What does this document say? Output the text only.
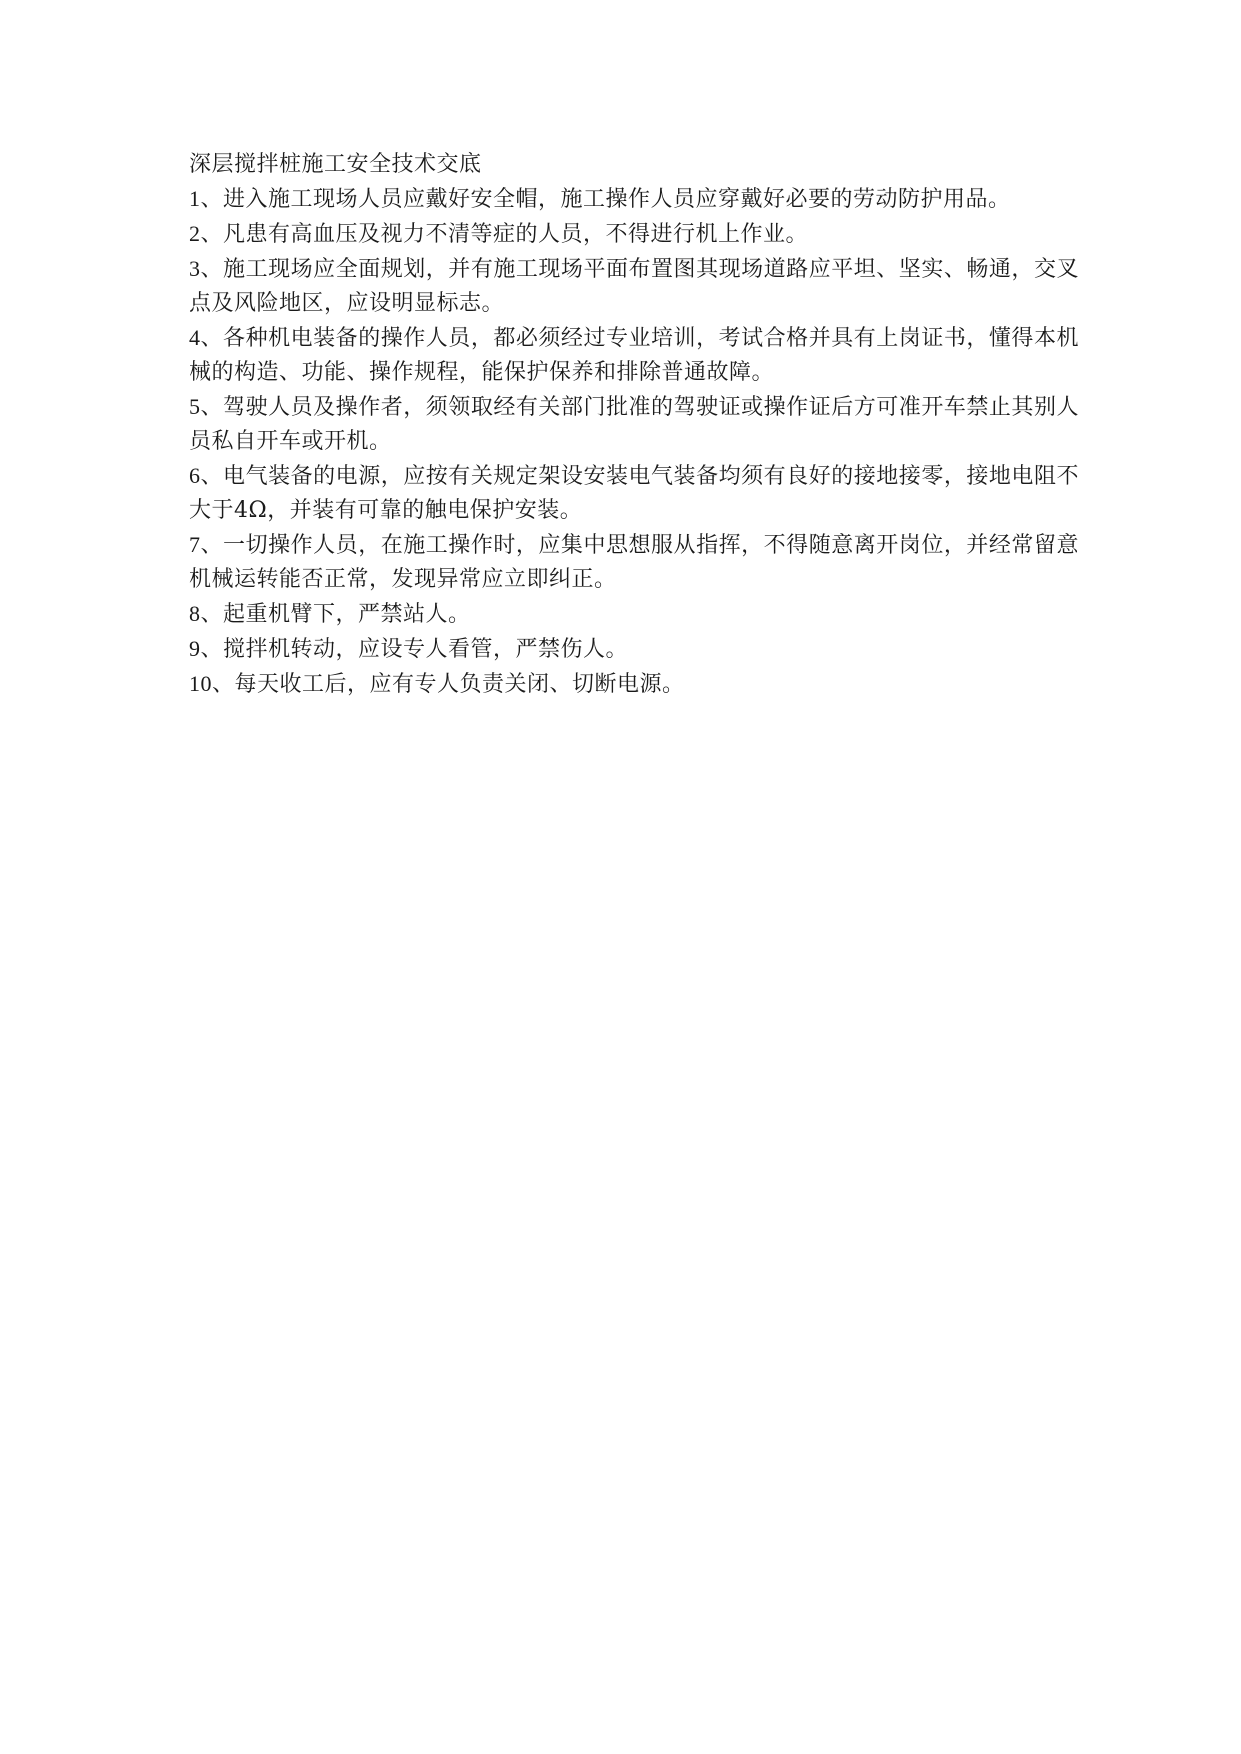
深层搅拌桩施工安全技术交底

1、进入施工现场人员应戴好安全帽，施工操作人员应穿戴好必要的劳动防护用品。

2、凡患有高血压及视力不清等症的人员，不得进行机上作业。

3、施工现场应全面规划，并有施工现场平面布置图其现场道路应平坦、坚实、畅通，交叉点及风险地区，应设明显标志。

4、各种机电装备的操作人员，都必须经过专业培训，考试合格并具有上岗证书，懂得本机械的构造、功能、操作规程，能保护保养和排除普通故障。

5、驾驶人员及操作者，须领取经有关部门批准的驾驶证或操作证后方可准开车禁止其别人员私自开车或开机。

6、电气装备的电源，应按有关规定架设安装电气装备均须有良好的接地接零，接地电阻不大于4Ω，并装有可靠的触电保护安装。

7、一切操作人员，在施工操作时，应集中思想服从指挥，不得随意离开岗位，并经常留意机械运转能否正常，发现异常应立即纠正。

8、起重机臂下，严禁站人。

9、搅拌机转动，应设专人看管，严禁伤人。

10、每天收工后，应有专人负责关闭、切断电源。
